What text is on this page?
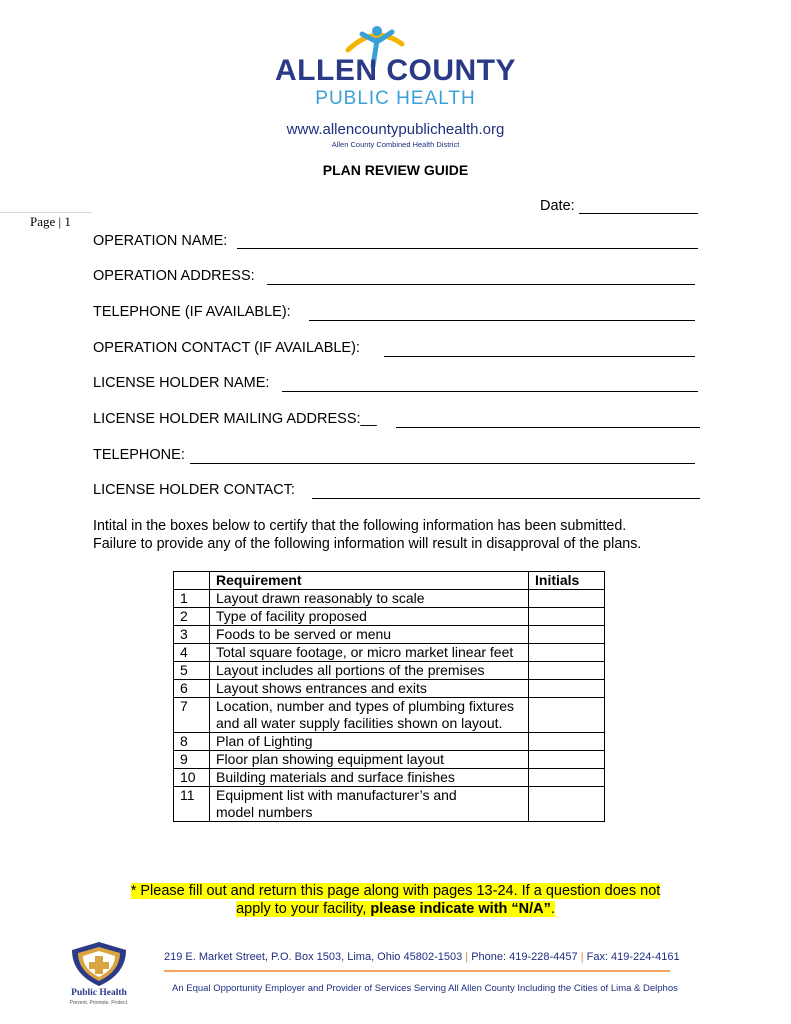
ALLEN COUNTY
PUBLIC HEALTH
www.allencountypublichealth.org
Allen County Combined Health District
PLAN REVIEW GUIDE
Page | 1
Date:
OPERATION NAME:
OPERATION ADDRESS:
TELEPHONE (IF AVAILABLE):
OPERATION CONTACT (IF AVAILABLE):
LICENSE HOLDER NAME:
LICENSE HOLDER MAILING ADDRESS:__
TELEPHONE:
LICENSE HOLDER CONTACT:
Intital in the boxes below to certify that the following information has been submitted.
Failure to provide any of the following information will result in disapproval of the plans.
	Requirement	Initials
1	Layout drawn reasonably to scale	
2	Type of facility proposed	
3	Foods to be served or menu	
4	Total square footage, or micro market linear feet	
5	Layout includes all portions of the premises	
6	Layout shows entrances and exits	
7	Location, number and types of plumbing fixtures and all water supply facilities shown on layout.	
8	Plan of Lighting	
9	Floor plan showing equipment layout	
10	Building materials and surface finishes	
11	Equipment list with manufacturer’s and model numbers	
* Please fill out and return this page along with pages 13-24. If a question does not
apply to your facility, please indicate with “N/A”.
Public Health
Prevent. Promote. Protect.
219 E. Market Street, P.O. Box 1503, Lima, Ohio 45802-1503 | Phone: 419-228-4457 | Fax: 419-224-4161
An Equal Opportunity Employer and Provider of Services Serving All Allen County Including the Cities of Lima & Delphos
